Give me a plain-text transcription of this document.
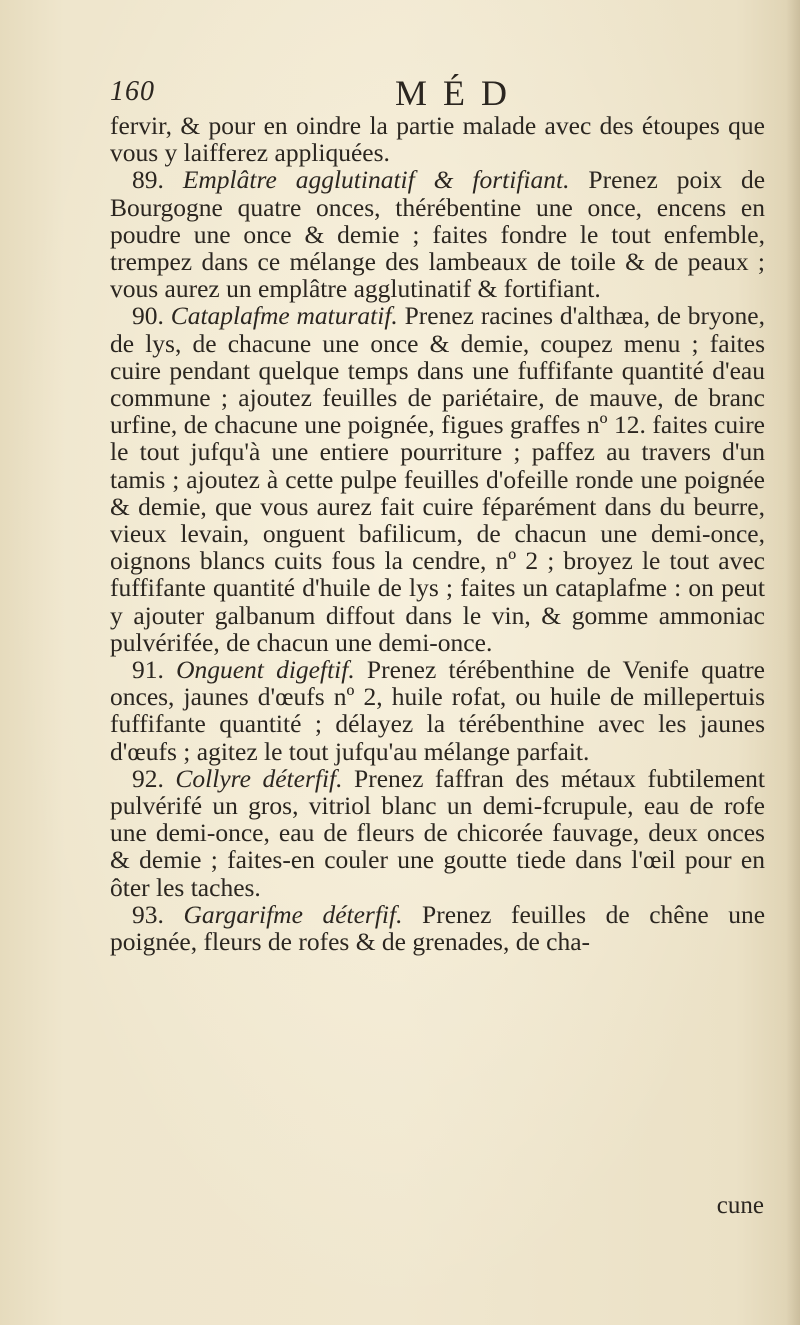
160	MÉD

fervir, & pour en oindre la partie malade avec des étoupes que vous y laifferez appliquées.

89. Emplâtre agglutinatif & fortifiant. Prenez poix de Bourgogne quatre onces, thérébentine une once, encens en poudre une once & demie ; faites fondre le tout enfemble, trempez dans ce mélange des lambeaux de toile & de peaux ; vous aurez un emplâtre agglutinatif & fortifiant.

90. Cataplafme maturatif. Prenez racines d'althæa, de bryone, de lys, de chacune une once & demie, coupez menu ; faites cuire pendant quelque temps dans une fuffifante quantité d'eau commune ; ajoutez feuilles de pariétaire, de mauve, de branc urfine, de chacune une poignée, figues graffes nº 12. faites cuire le tout jufqu'à une entiere pourriture ; paffez au travers d'un tamis ; ajoutez à cette pulpe feuilles d'ofeille ronde une poignée & demie, que vous aurez fait cuire féparément dans du beurre, vieux levain, onguent bafilicum, de chacun une demi-once, oignons blancs cuits fous la cendre, nº 2 ; broyez le tout avec fuffifante quantité d'huile de lys ; faites un cataplafme : on peut y ajouter galbanum diffout dans le vin, & gomme ammoniac pulvérifée, de chacun une demi-once.

91. Onguent digeftif. Prenez térébenthine de Venife quatre onces, jaunes d'œufs nº 2, huile rofat, ou huile de millepertuis fuffifante quantité ; délayez la térébenthine avec les jaunes d'œufs ; agitez le tout jufqu'au mélange parfait.

92. Collyre déterfif. Prenez faffran des métaux fubtilement pulvérifé un gros, vitriol blanc un demi-fcrupule, eau de rofe une demi-once, eau de fleurs de chicorée fauvage, deux onces & demie ; faites-en couler une goutte tiede dans l'œil pour en ôter les taches.

93. Gargarifme déterfif. Prenez feuilles de chêne une poignée, fleurs de rofes & de grenades, de cha-

cune
